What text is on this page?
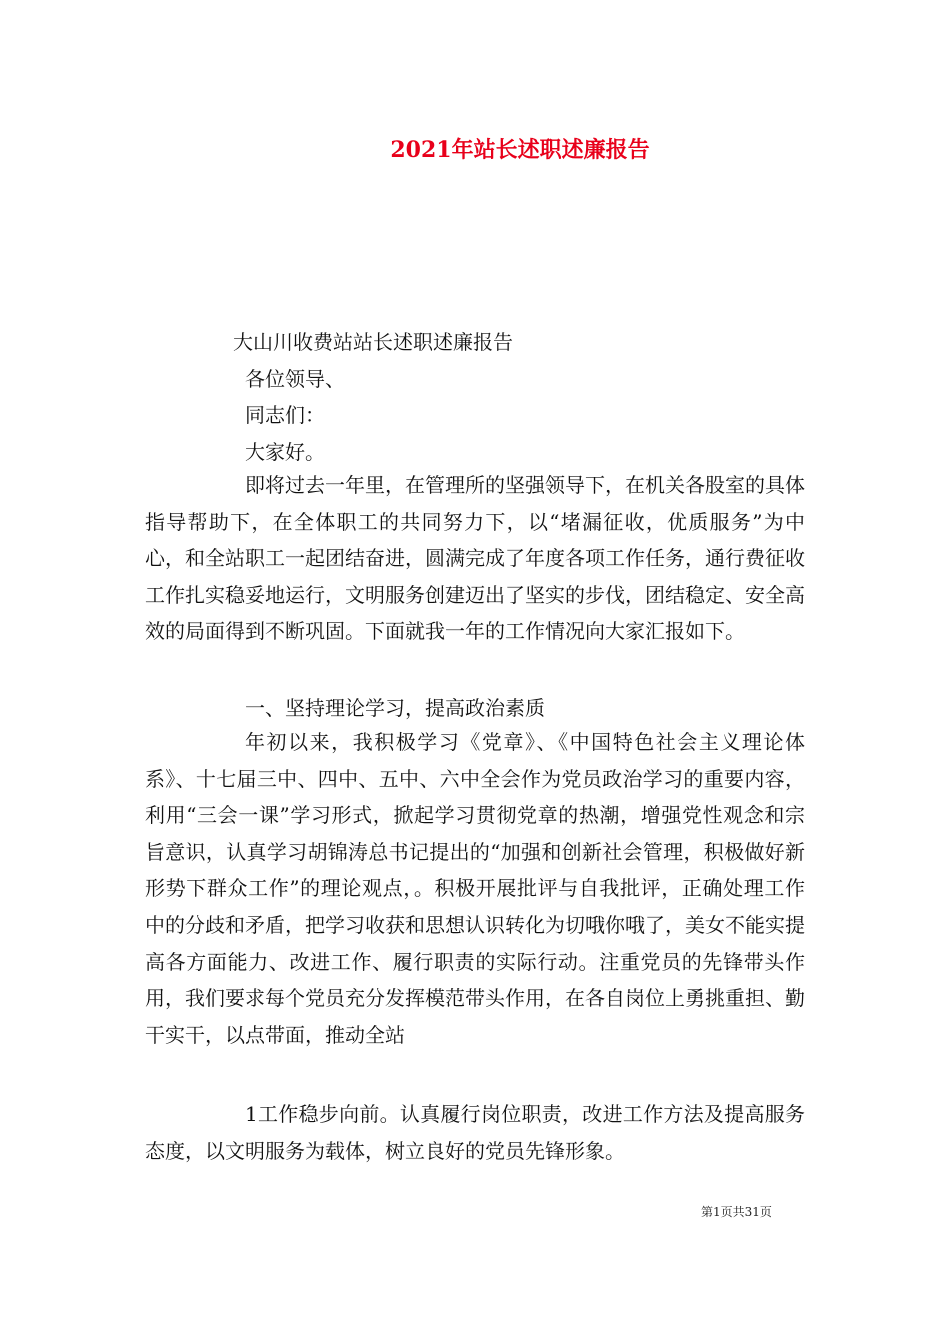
2021年站长述职述廉报告
大山川收费站站长述职述廉报告
各位领导、
同志们：
大家好。
即将过去一年里，在管理所的坚强领导下，在机关各股室的具体指导帮助下，在全体职工的共同努力下，以“堵漏征收，优质服务”为中心，和全站职工一起团结奋进，圆满完成了年度各项工作任务，通行费征收工作扎实稳妥地运行，文明服务创建迈出了坚实的步伐，团结稳定、安全高效的局面得到不断巩固。下面就我一年的工作情况向大家汇报如下。
一、坚持理论学习，提高政治素质
年初以来，我积极学习《党章》、《中国特色社会主义理论体系》、十七届三中、四中、五中、六中全会作为党员政治学习的重要内容，利用“三会一课”学习形式，掀起学习贯彻党章的热潮，增强党性观念和宗旨意识，认真学习胡锦涛总书记提出的“加强和创新社会管理，积极做好新形势下群众工作”的理论观点，。积极开展批评与自我批评，正确处理工作中的分歧和矛盾，把学习收获和思想认识转化为切哦你哦了，美女不能实提高各方面能力、改进工作、履行职责的实际行动。注重党员的先锋带头作用，我们要求每个党员充分发挥模范带头作用，在各自岗位上勇挑重担、勤干实干，以点带面，推动全站
1工作稳步向前。认真履行岗位职责，改进工作方法及提高服务态度，以文明服务为载体，树立良好的党员先锋形象。
第1页共31页
